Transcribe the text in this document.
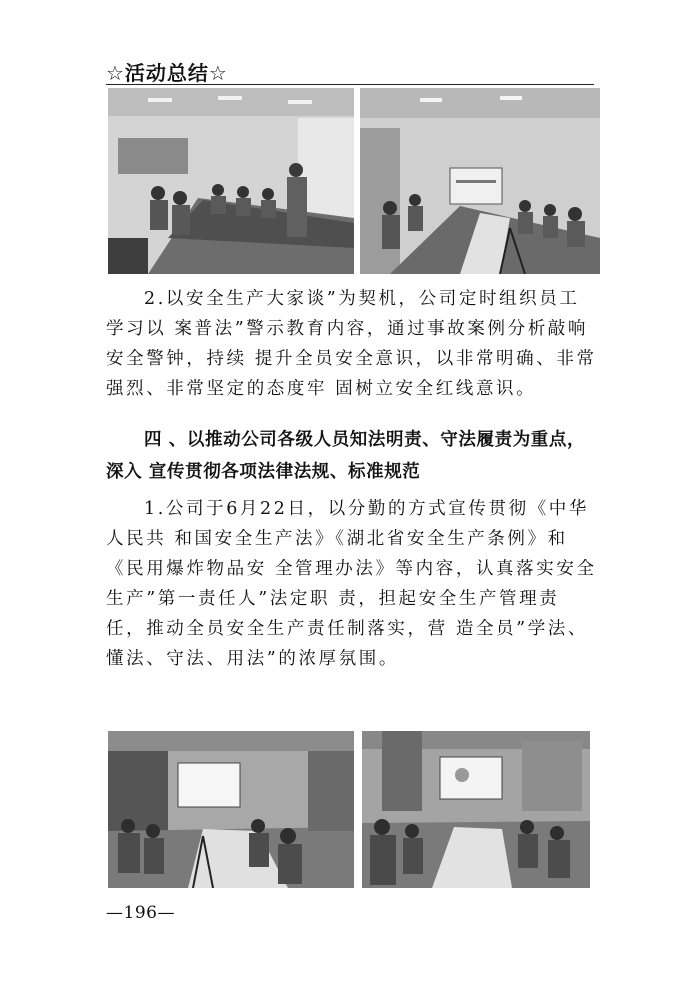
☆活动总结☆
2.以安全生产大家谈”为契机，公司定时组织员工学习以 案普法”警示教育内容，通过事故案例分析敲响安全警钟，持续 提升全员安全意识，以非常明确、非常强烈、非常坚定的态度牢 固树立安全红线意识。
四 、以推动公司各级人员知法明责、守法履责为重点，深入 宣传贯彻各项法律法规、标准规范
1.公司于6月22日，以分勤的方式宣传贯彻《中华人民共 和国安全生产法》《湖北省安全生产条例》和《民用爆炸物品安 全管理办法》等内容，认真落实安全生产”第一责任人”法定职 责，担起安全生产管理责任，推动全员安全生产责任制落实，营 造全员”学法、懂法、守法、用法”的浓厚氛围。
—196—
